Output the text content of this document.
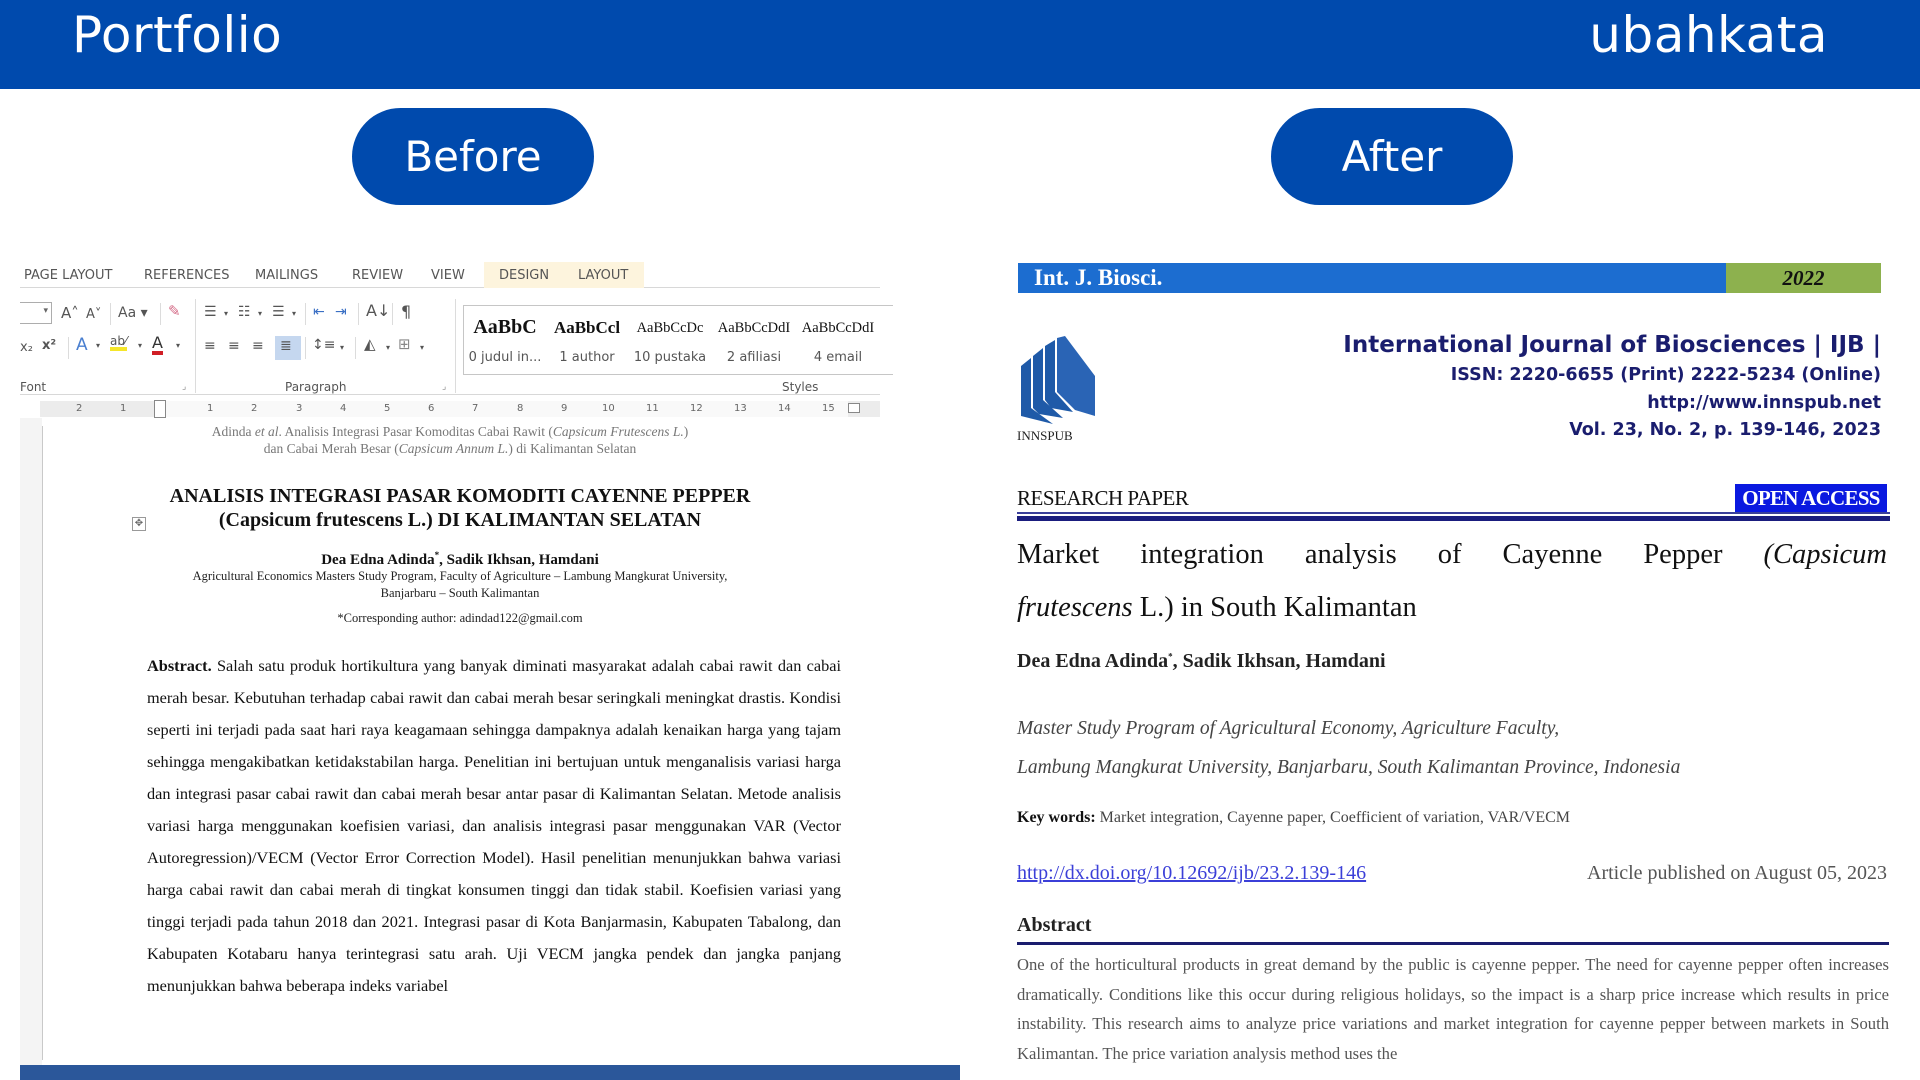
Portfolio	ubahkata
Before	After
PAGE LAYOUT REFERENCES MAILINGS	REVIEW VIEW	DESIGN LAYOUT
▾ A˄ A˅ Aa ▾ ✎
x₂ x² A ▾ ab⁄ ▾ A ▾
Font	⌟
☰ ▾ ☷ ▾ ☰ ▾ ⇤ ⇥ A↓ ¶
≡ ≡ ≡ ≣ ↕≡ ▾ ◭ ▾ ⊞ ▾
Paragraph	⌟
AaBbC
0 judul in...
AaBbCcl
1 author
AaBbCcDc
10 pustaka
AaBbCcDdI
2 afiliasi
AaBbCcDdI
4 email
Styles
2	1	1	2	3	4	5	6	7	8	9	10	11	12	13	14	15
Adinda et al. Analisis Integrasi Pasar Komoditas Cabai Rawit (Capsicum Frutescens L.)
dan Cabai Merah Besar (Capsicum Annum L.) di Kalimantan Selatan
✥
ANALISIS INTEGRASI PASAR KOMODITI CAYENNE PEPPER
(Capsicum frutescens L.) DI KALIMANTAN SELATAN
Dea Edna Adinda*, Sadik Ikhsan, Hamdani
Agricultural Economics Masters Study Program, Faculty of Agriculture – Lambung Mangkurat University,
Banjarbaru – South Kalimantan
*Corresponding author: adindad122@gmail.com
Abstract. Salah satu produk hortikultura yang banyak diminati masyarakat adalah cabai rawit dan cabai merah besar. Kebutuhan terhadap cabai rawit dan cabai merah besar seringkali meningkat drastis. Kondisi seperti ini terjadi pada saat hari raya keagamaan sehingga dampaknya adalah kenaikan harga yang tajam sehingga mengakibatkan ketidakstabilan harga. Penelitian ini bertujuan untuk menganalisis variasi harga dan integrasi pasar cabai rawit dan cabai merah besar antar pasar di Kalimantan Selatan. Metode analisis variasi harga menggunakan koefisien variasi, dan analisis integrasi pasar menggunakan VAR (Vector Autoregression)/VECM (Vector Error Correction Model). Hasil penelitian menunjukkan bahwa variasi harga cabai rawit dan cabai merah di tingkat konsumen tinggi dan tidak stabil. Koefisien variasi yang tinggi terjadi pada tahun 2018 dan 2021. Integrasi pasar di Kota Banjarmasin, Kabupaten Tabalong, dan Kabupaten Kotabaru hanya terintegrasi satu arah. Uji VECM jangka pendek dan jangka panjang menunjukkan bahwa beberapa indeks variabel
Int. J. Biosci.	2022
INNSPUB
International Journal of Biosciences | IJB |
ISSN: 2220-6655 (Print) 2222-5234 (Online)
http://www.innspub.net
Vol. 23, No. 2, p. 139-146, 2023
RESEARCH PAPER	OPEN ACCESS
Market integration analysis of Cayenne Pepper (Capsicum
frutescens L.) in South Kalimantan
Dea Edna Adinda*, Sadik Ikhsan, Hamdani
Master Study Program of Agricultural Economy, Agriculture Faculty,
Lambung Mangkurat University, Banjarbaru, South Kalimantan Province, Indonesia
Key words: Market integration, Cayenne paper, Coefficient of variation, VAR/VECM
http://dx.doi.org/10.12692/ijb/23.2.139-146	Article published on August 05, 2023
Abstract
One of the horticultural products in great demand by the public is cayenne pepper. The need for cayenne pepper often increases dramatically. Conditions like this occur during religious holidays, so the impact is a sharp price increase which results in price instability. This research aims to analyze price variations and market integration for cayenne pepper between markets in South Kalimantan. The price variation analysis method uses the
